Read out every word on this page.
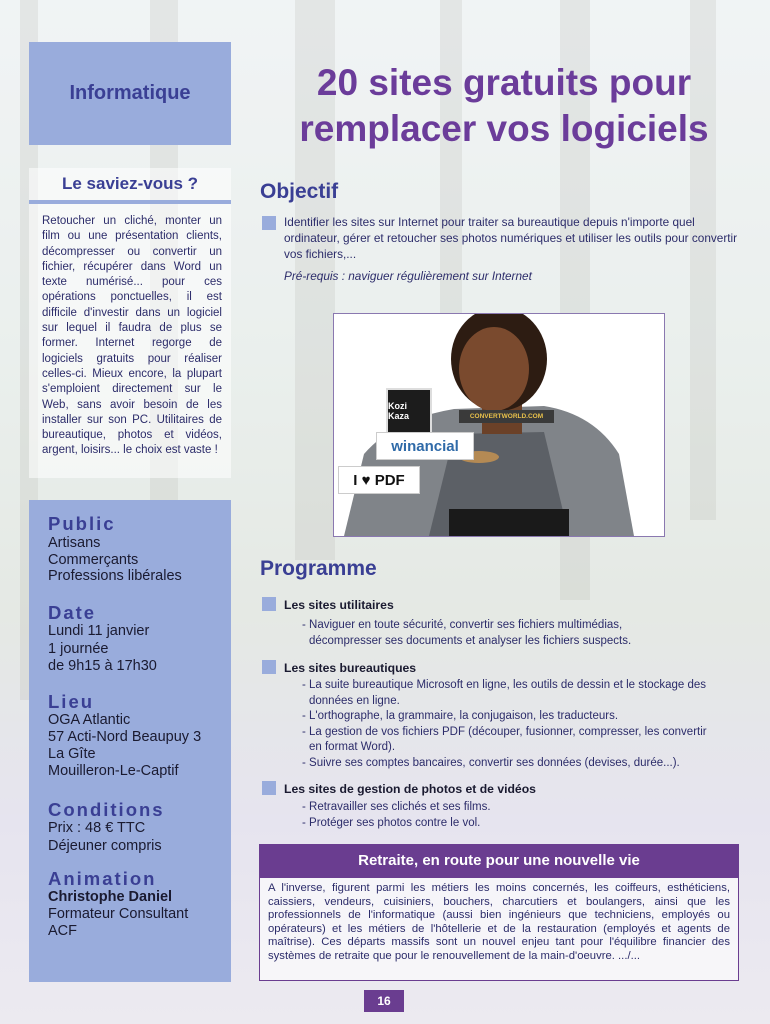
Informatique
Le saviez-vous ?
Retoucher un cliché, monter un film ou une présentation clients, décompresser ou convertir un fichier, récupérer dans Word un texte numérisé... pour ces opérations ponctuelles, il est difficile d'investir dans un logiciel sur lequel il faudra de plus se former. Internet regorge de logiciels gratuits pour réaliser celles-ci. Mieux encore, la plupart s'emploient directement sur le Web, sans avoir besoin de les installer sur son PC. Utilitaires de bureautique, photos et vidéos, argent, loisirs... le choix est vaste !
Public
Artisans
Commerçants
Professions libérales
Date
Lundi 11 janvier
1 journée
de 9h15 à 17h30
Lieu
OGA Atlantic
57 Acti-Nord Beaupuy 3
La Gîte
Mouilleron-Le-Captif
Conditions
Prix : 48 € TTC
Déjeuner compris
Animation
Christophe Daniel
Formateur Consultant
ACF
20 sites gratuits pour
remplacer vos logiciels
Objectif
Identifier les sites sur Internet pour traiter sa bureautique depuis n'importe quel ordinateur, gérer et retoucher ses photos numériques et utiliser les outils pour convertir vos fichiers,...
Pré-requis : naviguer régulièrement sur Internet
Kozi Kaza	CONVERTWORLD.COM
winancial
I ♥ PDF
Programme
Les sites utilitaires
- Naviguer en toute sécurité, convertir ses fichiers multimédias,
décompresser ses documents et analyser les fichiers suspects.
Les sites bureautiques
- La suite bureautique Microsoft en ligne, les outils de dessin et le stockage des
données en ligne.
- L'orthographe, la grammaire, la conjugaison, les traducteurs.
- La gestion de vos fichiers PDF (découper, fusionner, compresser, les convertir
en format Word).
- Suivre ses comptes bancaires, convertir ses données (devises, durée...).
Les sites de gestion de photos et de vidéos
- Retravailler ses clichés et ses films.
- Protéger ses photos contre le vol.
Retraite, en route pour une nouvelle vie
A l'inverse, figurent parmi les métiers les moins concernés, les coiffeurs, esthéticiens, caissiers, vendeurs, cuisiniers, bouchers, charcutiers et boulangers, ainsi que les professionnels de l'informatique (aussi bien ingénieurs que techniciens, employés ou opérateurs) et les métiers de l'hôtellerie et de la restauration (employés et agents de maîtrise). Ces départs massifs sont un nouvel enjeu tant pour l'équilibre financier des systèmes de retraite que pour le renouvellement de la main-d'oeuvre. .../...
16
